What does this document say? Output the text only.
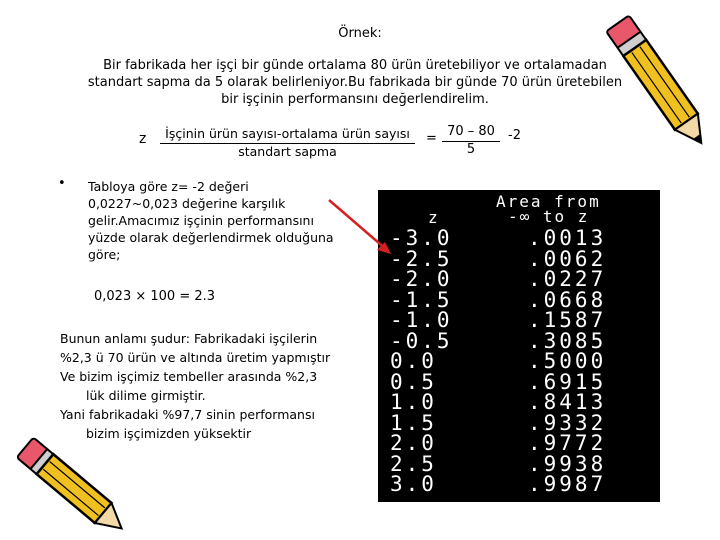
Örnek:
Bir fabrikada her işçi bir günde ortalama 80 ürün üretebiliyor ve ortalamadan
standart sapma da 5 olarak belirleniyor.Bu fabrikada bir günde 70 ürün üretebilen
bir işçinin performansını değerlendirelim.
z	İşçinin ürün sayısı-ortalama ürün sayısı
standart sapma
= 70 – 80
5
-2
• Tabloya göre z= -2 değeri
0,0227~0,023 değerine karşılık
gelir.Amacımız işçinin performansını
yüzde olarak değerlendirmek olduğuna
göre;
0,023 × 100 = 2.3
Bunun anlamı şudur: Fabrikadaki işçilerin
%2,3 ü 70 ürün ve altında üretim yapmıştır
Ve bizim işçimiz tembeller arasında %2,3
lük dilime girmiştir.
Yani fabrikadaki %97,7 sinin performansı
bizim işçimizden yüksektir
Area from
z	-∞ to z
-3.0	.0013
-2.5	.0062
-2.0	.0227
-1.5	.0668
-1.0	.1587
-0.5	.3085
0.0	.5000
0.5	.6915
1.0	.8413
1.5	.9332
2.0	.9772
2.5	.9938
3.0	.9987
